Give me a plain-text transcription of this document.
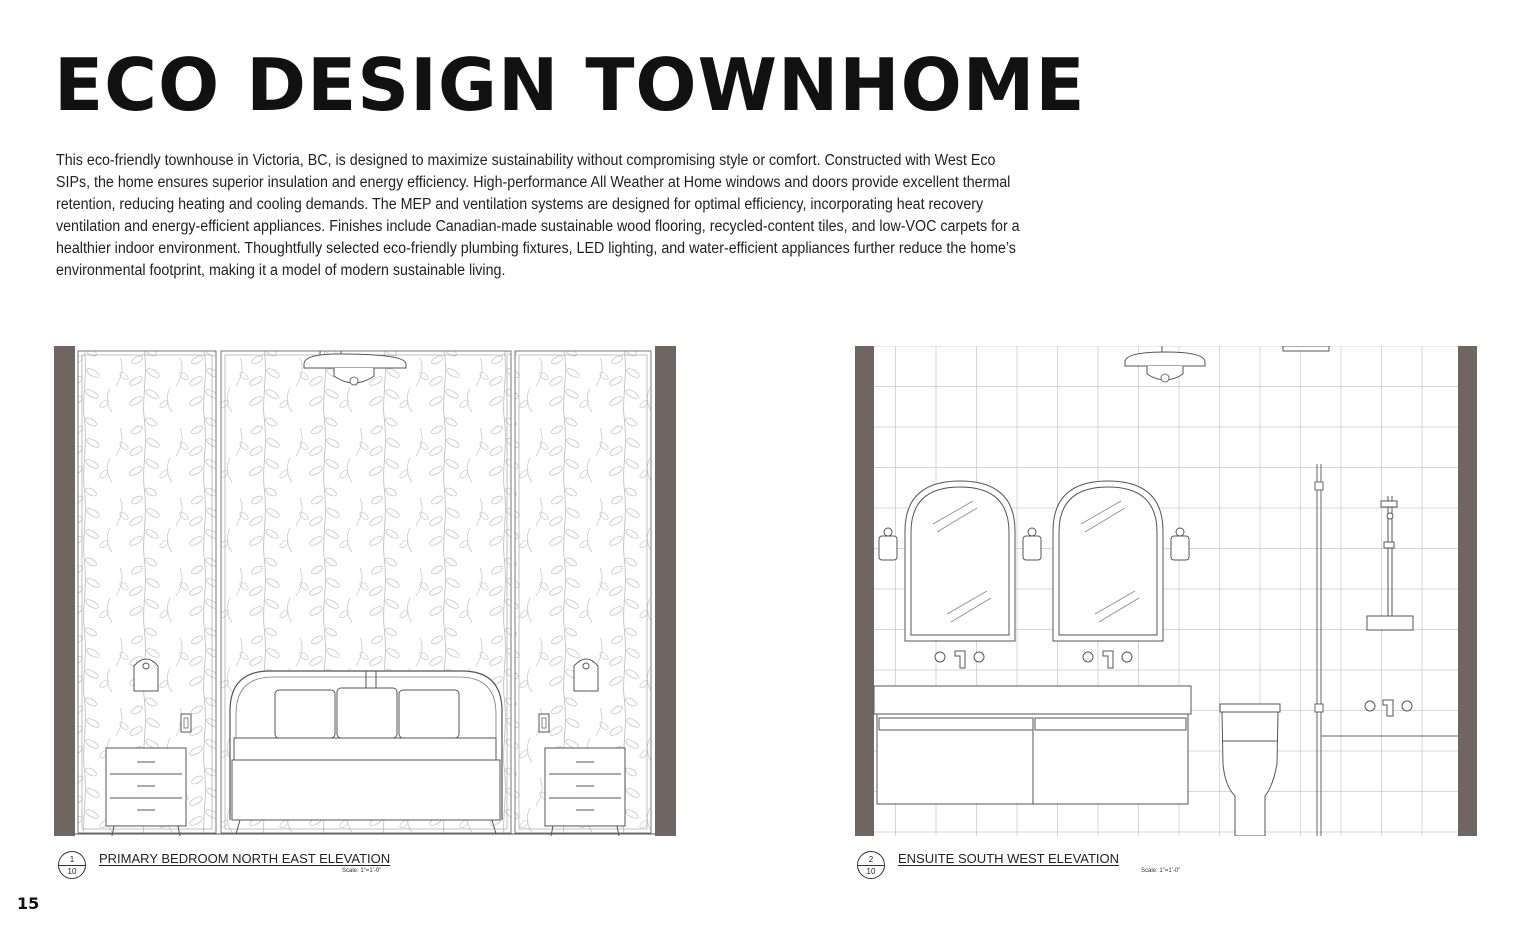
ECO DESIGN TOWNHOME
This eco-friendly townhouse in Victoria, BC, is designed to maximize sustainability without compromising style or comfort. Constructed with West Eco SIPs, the home ensures superior insulation and energy efficiency. High-performance All Weather at Home windows and doors provide excellent thermal retention, reducing heating and cooling demands. The MEP and ventilation systems are designed for optimal efficiency, incorporating heat recovery ventilation and energy-efficient appliances. Finishes include Canadian-made sustainable wood flooring, recycled-content tiles, and low-VOC carpets for a healthier indoor environment. Thoughtfully selected eco-friendly plumbing fixtures, LED lighting, and water-efficient appliances further reduce the home’s environmental footprint, making it a model of modern sustainable living.
1
10
PRIMARY BEDROOM NORTH EAST ELEVATION
Scale: 1"=1'-0"
2
10
ENSUITE SOUTH WEST ELEVATION
Scale: 1"=1'-0"
15
